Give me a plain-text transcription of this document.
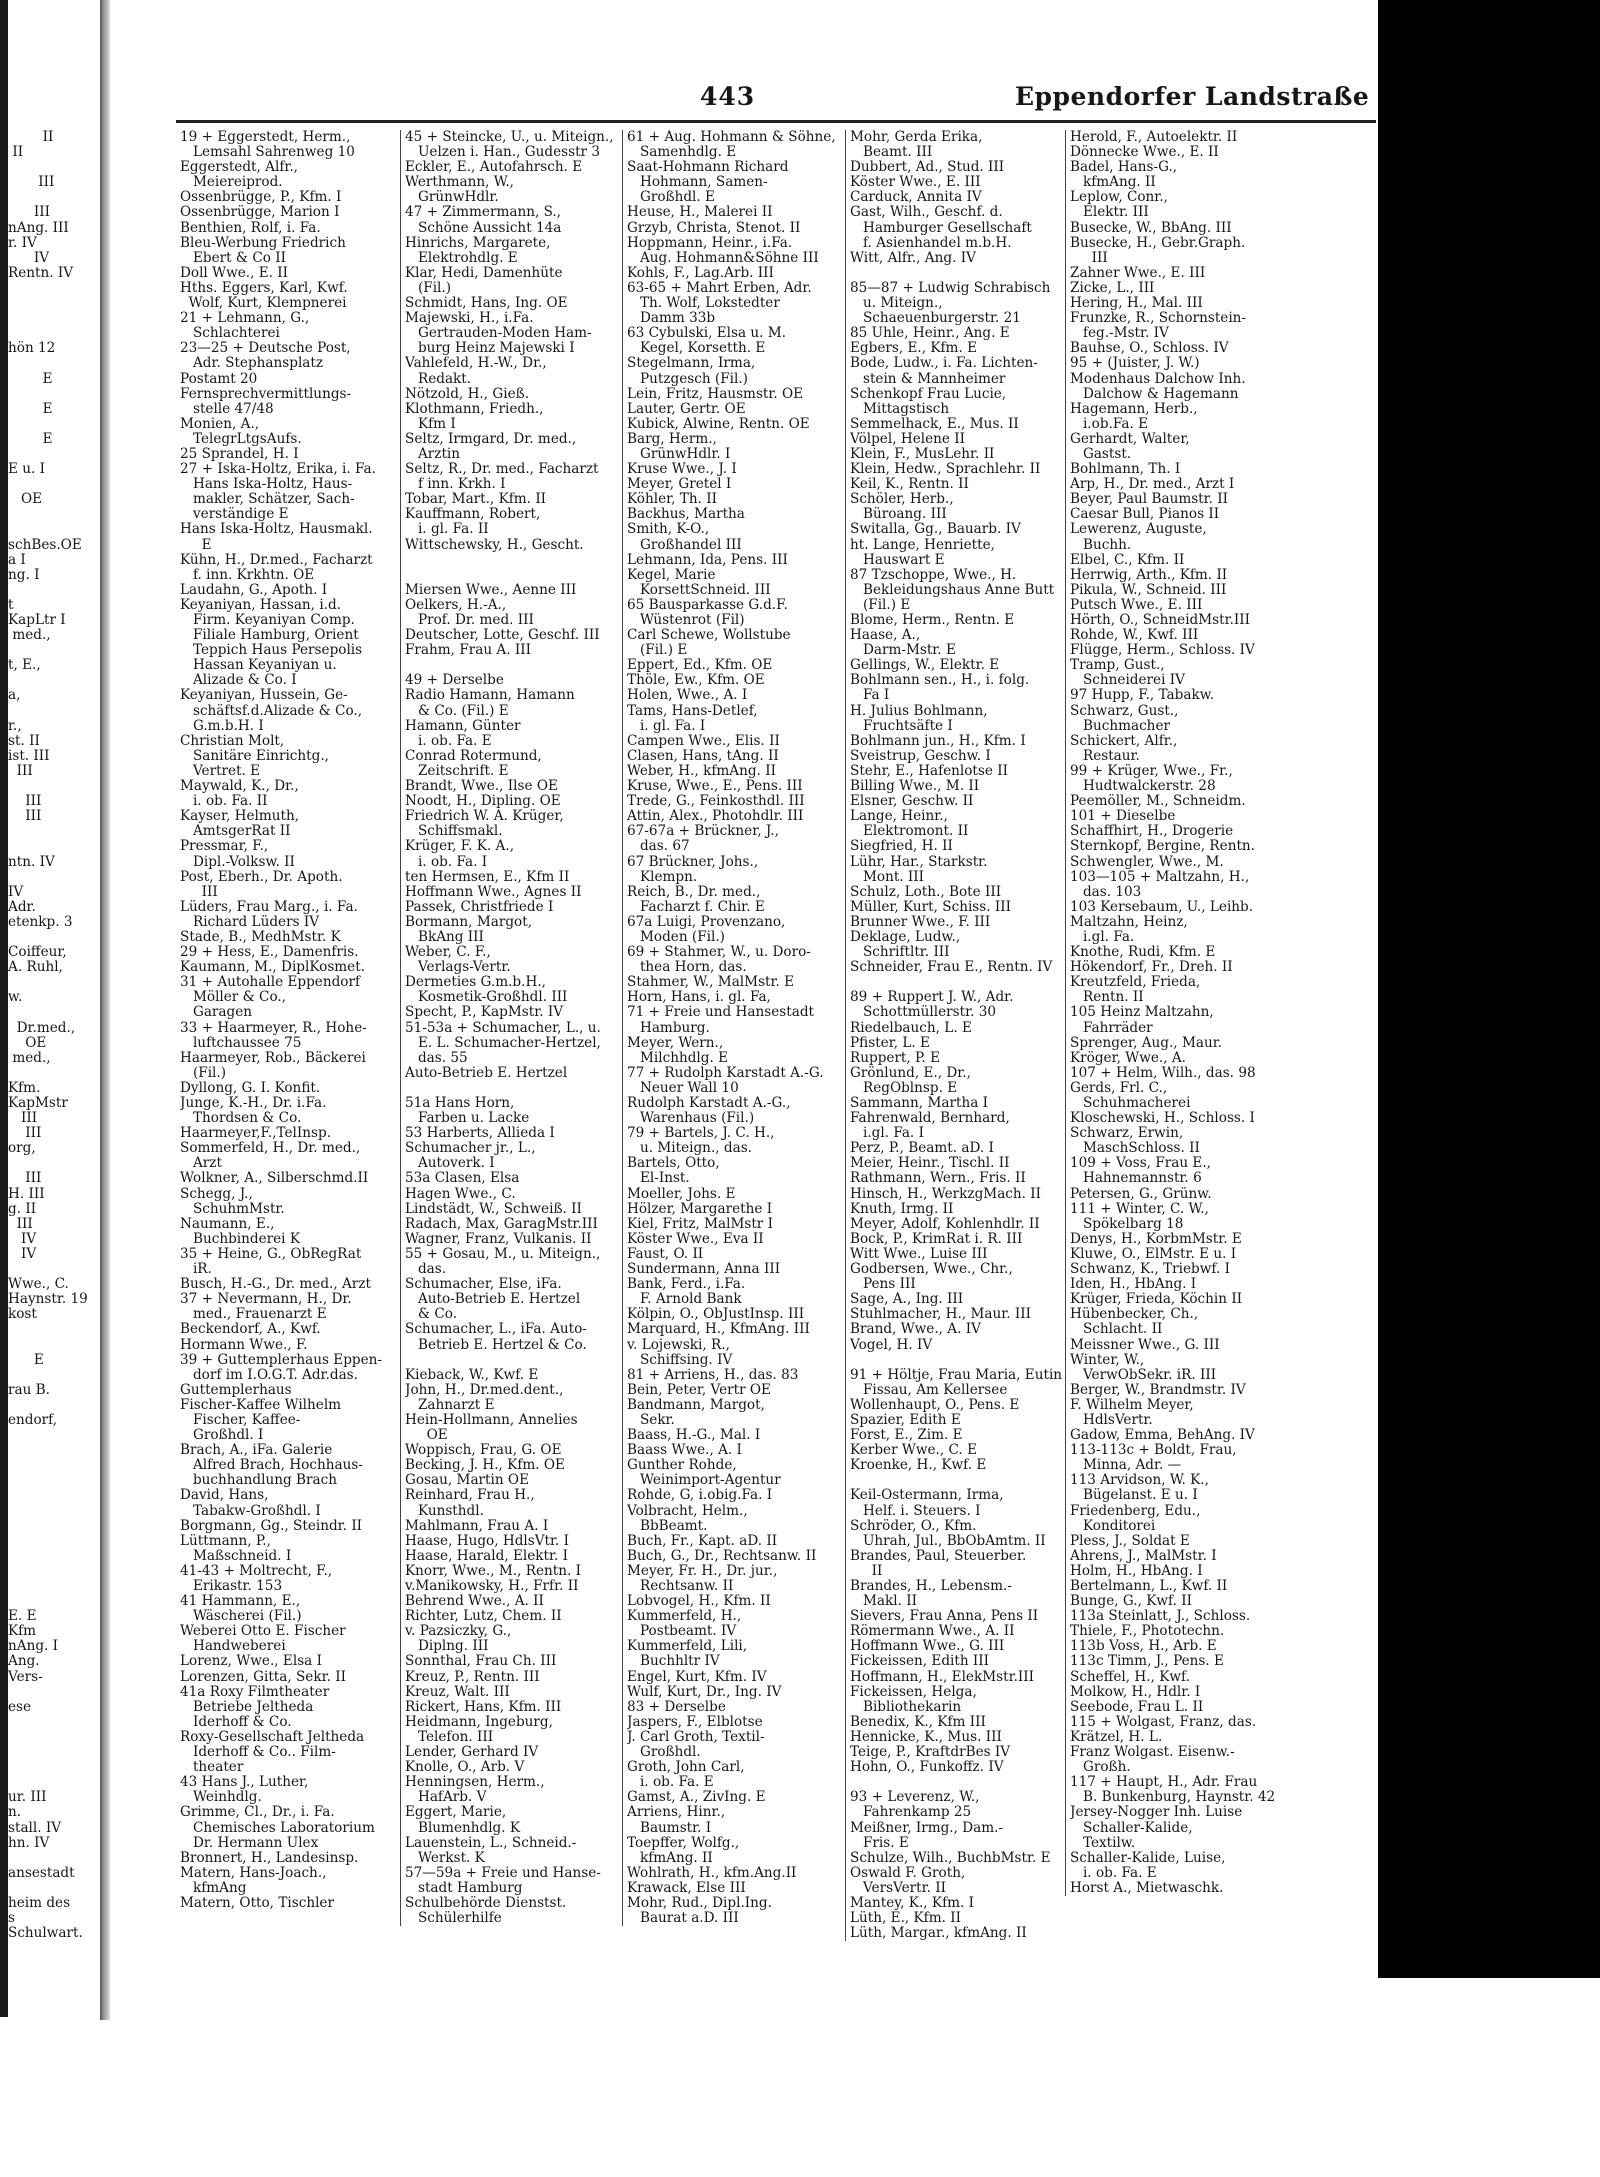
443	Eppendorfer Landstraße
II
II

III

III
nAng. III
r. IV
IV
Rentn. IV

hön 12

E

E

E

E u. I

OE

schBes.OE
a I
ng. I

t
KapLtr I
med.,

t, E.,

a,

r.,
st. II
ist. III
III

III
III

ntn. IV

IV
Adr.
etenkp. 3

Coiffeur,
A. Ruhl,

w.

Dr.med.,
OE
med.,

Kfm.
KapMstr
III
III
org,

III
H. III
g. II
III
IV
IV

Wwe., C.
Haynstr. 19
kost

E

rau B.

endorf,

E. E
Kfm
nAng. I
Ang.
Vers-

ese

ur. III
n.
stall. IV
hn. IV

ansestadt

heim des
s
Schulwart.
19 + Eggerstedt, Herm.,
Lemsahl Sahrenweg 10
Eggerstedt, Alfr.,
Meiereiprod.
Ossenbrügge, P., Kfm. I
Ossenbrügge, Marion I
Benthien, Rolf, i. Fa.
Bleu-Werbung Friedrich
Ebert & Co II
Doll Wwe., E. II
Hths. Eggers, Karl, Kwf.
Wolf, Kurt, Klempnerei
21 + Lehmann, G.,
Schlachterei
23—25 + Deutsche Post,
Adr. Stephansplatz
Postamt 20
Fernsprechvermittlungs-
stelle 47/48
Monien, A.,
TelegrLtgsAufs.
25 Sprandel, H. I
27 + Iska-Holtz, Erika, i. Fa.
Hans Iska-Holtz, Haus-
makler, Schätzer, Sach-
verständige E
Hans Iska-Holtz, Hausmakl.
E
Kühn, H., Dr.med., Facharzt
f. inn. Krkhtn. OE
Laudahn, G., Apoth. I
Keyaniyan, Hassan, i.d.
Firm. Keyaniyan Comp.
Filiale Hamburg, Orient
Teppich Haus Persepolis
Hassan Keyaniyan u.
Alizade & Co. I
Keyaniyan, Hussein, Ge-
schäftsf.d.Alizade & Co.,
G.m.b.H. I
Christian Molt,
Sanitäre Einrichtg.,
Vertret. E
Maywald, K., Dr.,
i. ob. Fa. II
Kayser, Helmuth,
AmtsgerRat II
Pressmar, F.,
Dipl.-Volksw. II
Post, Eberh., Dr. Apoth.
III
Lüders, Frau Marg., i. Fa.
Richard Lüders IV
Stade, B., MedhMstr. K
29 + Hess, E., Damenfris.
Kaumann, M., DiplKosmet.
31 + Autohalle Eppendorf
Möller & Co.,
Garagen
33 + Haarmeyer, R., Hohe-
luftchaussee 75
Haarmeyer, Rob., Bäckerei
(Fil.)
Dyllong, G. I. Konfit.
Junge, K.-H., Dr. i.Fa.
Thordsen & Co.
Haarmeyer,F.,TelInsp.
Sommerfeld, H., Dr. med.,
Arzt
Wolkner, A., Silberschmd.II
Schegg, J.,
SchuhmMstr.
Naumann, E.,
Buchbinderei K
35 + Heine, G., ObRegRat
iR.
Busch, H.-G., Dr. med., Arzt
37 + Nevermann, H., Dr.
med., Frauenarzt E
Beckendorf, A., Kwf.
Hormann Wwe., F.
39 + Guttemplerhaus Eppen-
dorf im I.O.G.T. Adr.das.
Guttemplerhaus
Fischer-Kaffee Wilhelm
Fischer, Kaffee-
Großhdl. I
Brach, A., iFa. Galerie
Alfred Brach, Hochhaus-
buchhandlung Brach
David, Hans,
Tabakw-Großhdl. I
Borgmann, Gg., Steindr. II
Lüttmann, P.,
Maßschneid. I
41-43 + Moltrecht, F.,
Erikastr. 153
41 Hammann, E.,
Wäscherei (Fil.)
Weberei Otto E. Fischer
Handweberei
Lorenz, Wwe., Elsa I
Lorenzen, Gitta, Sekr. II
41a Roxy Filmtheater
Betriebe Jeltheda
Iderhoff & Co.
Roxy-Gesellschaft Jeltheda
Iderhoff & Co.. Film-
theater
43 Hans J., Luther,
Weinhdlg.
Grimme, Cl., Dr., i. Fa.
Chemisches Laboratorium
Dr. Hermann Ulex
Bronnert, H., Landesinsp.
Matern, Hans-Joach.,
kfmAng
Matern, Otto, Tischler
45 + Steincke, U., u. Miteign.,
Uelzen i. Han., Gudesstr 3
Eckler, E., Autofahrsch. E
Werthmann, W.,
GrünwHdlr.
47 + Zimmermann, S.,
Schöne Aussicht 14a
Hinrichs, Margarete,
Elektrohdlg. E
Klar, Hedi, Damenhüte
(Fil.)
Schmidt, Hans, Ing. OE
Majewski, H., i.Fa.
Gertrauden-Moden Ham-
burg Heinz Majewski I
Vahlefeld, H.-W., Dr.,
Redakt.
Nötzold, H., Gieß.
Klothmann, Friedh.,
Kfm I
Seltz, Irmgard, Dr. med.,
Ärztin
Seltz, R., Dr. med., Facharzt
f inn. Krkh. I
Tobar, Mart., Kfm. II
Kauffmann, Robert,
i. gl. Fa. II
Wittschewsky, H., Gescht.

Miersen Wwe., Aenne III
Oelkers, H.-A.,
Prof. Dr. med. III
Deutscher, Lotte, Geschf. III
Frahm, Frau A. III

49 + Derselbe
Radio Hamann, Hamann
& Co. (Fil.) E
Hamann, Günter
i. ob. Fa. E
Conrad Rotermund,
Zeitschrift. E
Brandt, Wwe., Ilse OE
Noodt, H., Dipling. OE
Friedrich W. A. Krüger,
Schiffsmakl.
Krüger, F. K. A.,
i. ob. Fa. I
ten Hermsen, E., Kfm II
Hoffmann Wwe., Agnes II
Passek, Christfriede I
Bormann, Margot,
BkAng III
Weber, C. F.,
Verlags-Vertr.
Dermeties G.m.b.H.,
Kosmetik-Großhdl. III
Specht, P., KapMstr. IV
51-53a + Schumacher, L., u.
E. L. Schumacher-Hertzel,
das. 55
Auto-Betrieb E. Hertzel

51a Hans Horn,
Farben u. Lacke
53 Harberts, Allieda I
Schumacher jr., L.,
Autoverk. I
53a Clasen, Elsa
Hagen Wwe., C.
Lindstädt, W., Schweiß. II
Radach, Max, GaragMstr.III
Wagner, Franz, Vulkanis. II
55 + Gosau, M., u. Miteign.,
das.
Schumacher, Else, iFa.
Auto-Betrieb E. Hertzel
& Co.
Schumacher, L., iFa. Auto-
Betrieb E. Hertzel & Co.

Kieback, W., Kwf. E
John, H., Dr.med.dent.,
Zahnarzt E
Hein-Hollmann, Annelies
OE
Woppisch, Frau, G. OE
Becking, J. H., Kfm. OE
Gosau, Martin OE
Reinhard, Frau H.,
Kunsthdl.
Mahlmann, Frau A. I
Haase, Hugo, HdlsVtr. I
Haase, Harald, Elektr. I
Knorr, Wwe., M., Rentn. I
v.Manikowsky, H., Frfr. II
Behrend Wwe., A. II
Richter, Lutz, Chem. II
v. Pazsiczky, G.,
Diplng. III
Sonnthal, Frau Ch. III
Kreuz, P., Rentn. III
Kreuz, Walt. III
Rickert, Hans, Kfm. III
Heidmann, Ingeburg,
Telefon. III
Lender, Gerhard IV
Knolle, O., Arb. V
Henningsen, Herm.,
HafArb. V
Eggert, Marie,
Blumenhdlg. K
Lauenstein, L., Schneid.-
Werkst. K
57—59a + Freie und Hanse-
stadt Hamburg
Schulbehörde Dienstst.
Schülerhilfe
61 + Aug. Hohmann & Söhne,
Samenhdlg. E
Saat-Hohmann Richard
Hohmann, Samen-
Großhdl. E
Heuse, H., Malerei II
Grzyb, Christa, Stenot. II
Hoppmann, Heinr., i.Fa.
Aug. Hohmann&Söhne III
Kohls, F., Lag.Arb. III
63-65 + Mahrt Erben, Adr.
Th. Wolf, Lokstedter
Damm 33b
63 Cybulski, Elsa u. M.
Kegel, Korsetth. E
Stegelmann, Irma,
Putzgesch (Fil.)
Lein, Fritz, Hausmstr. OE
Lauter, Gertr. OE
Kubick, Alwine, Rentn. OE
Barg, Herm.,
GrünwHdlr. I
Kruse Wwe., J. I
Meyer, Gretel I
Köhler, Th. II
Backhus, Martha
Smith, K-O.,
Großhandel III
Lehmann, Ida, Pens. III
Kegel, Marie
KorsettSchneid. III
65 Bausparkasse G.d.F.
Wüstenrot (Fil)
Carl Schewe, Wollstube
(Fil.) E
Eppert, Ed., Kfm. OE
Thöle, Ew., Kfm. OE
Holen, Wwe., A. I
Tams, Hans-Detlef,
i. gl. Fa. I
Campen Wwe., Elis. II
Clasen, Hans, tAng. II
Weber, H., kfmAng. II
Kruse, Wwe., E., Pens. III
Trede, G., Feinkosthdl. III
Attin, Alex., Photohdlr. III
67-67a + Brückner, J.,
das. 67
67 Brückner, Johs.,
Klempn.
Reich, B., Dr. med.,
Facharzt f. Chir. E
67a Luigi, Provenzano,
Moden (Fil.)
69 + Stahmer, W., u. Doro-
thea Horn, das.
Stahmer, W., MalMstr. E
Horn, Hans, i. gl. Fa,
71 + Freie und Hansestadt
Hamburg.
Meyer, Wern.,
Milchhdlg. E
77 + Rudolph Karstadt A.-G.
Neuer Wall 10
Rudolph Karstadt A.-G.,
Warenhaus (Fil.)
79 + Bartels, J. C. H.,
u. Miteign., das.
Bartels, Otto,
El-Inst.
Moeller, Johs. E
Hölzer, Margarethe I
Kiel, Fritz, MalMstr I
Köster Wwe., Eva II
Faust, O. II
Sundermann, Anna III
Bank, Ferd., i.Fa.
F. Arnold Bank
Kölpin, O., ObJustInsp. III
Marquard, H., KfmAng. III
v. Lojewski, R.,
Schiffsing. IV
81 + Arriens, H., das. 83
Bein, Peter, Vertr OE
Bandmann, Margot,
Sekr.
Baass, H.-G., Mal. I
Baass Wwe., A. I
Gunther Rohde,
Weinimport-Agentur
Rohde, G, i.obig.Fa. I
Volbracht, Helm.,
BbBeamt.
Buch, Fr., Kapt. aD. II
Buch, G., Dr., Rechtsanw. II
Meyer, Fr. H., Dr. jur.,
Rechtsanw. II
Lobvogel, H., Kfm. II
Kummerfeld, H.,
Postbeamt. IV
Kummerfeld, Lili,
Buchhltr IV
Engel, Kurt, Kfm. IV
Wulf, Kurt, Dr., Ing. IV
83 + Derselbe
Jaspers, F., Elblotse
J. Carl Groth, Textil-
Großhdl.
Groth, John Carl,
i. ob. Fa. E
Gamst, A., ZivIng. E
Arriens, Hinr.,
Baumstr. I
Toepffer, Wolfg.,
kfmAng. II
Wohlrath, H., kfm.Ang.II
Krawack, Else III
Mohr, Rud., Dipl.Ing.
Baurat a.D. III
Mohr, Gerda Erika,
Beamt. III
Dubbert, Ad., Stud. III
Köster Wwe., E. III
Carduck, Annita IV
Gast, Wilh., Geschf. d.
Hamburger Gesellschaft
f. Asienhandel m.b.H.
Witt, Alfr., Ang. IV

85—87 + Ludwig Schrabisch
u. Miteign.,
Schaeuenburgerstr. 21
85 Uhle, Heinr., Ang. E
Egbers, E., Kfm. E
Bode, Ludw., i. Fa. Lichten-
stein & Mannheimer
Schenkopf Frau Lucie,
Mittagstisch
Semmelhack, E., Mus. II
Völpel, Helene II
Klein, F., MusLehr. II
Klein, Hedw., Sprachlehr. II
Keil, K., Rentn. II
Schöler, Herb.,
Büroang. III
Switalla, Gg., Bauarb. IV
ht. Lange, Henriette,
Hauswart E
87 Tzschoppe, Wwe., H.
Bekleidungshaus Anne Butt
(Fil.) E
Blome, Herm., Rentn. E
Haase, A.,
Darm-Mstr. E
Gellings, W., Elektr. E
Bohlmann sen., H., i. folg.
Fa I
H. Julius Bohlmann,
Fruchtsäfte I
Bohlmann jun., H., Kfm. I
Sveistrup, Geschw. I
Stehr, E., Hafenlotse II
Billing Wwe., M. II
Elsner, Geschw. II
Lange, Heinr.,
Elektromont. II
Siegfried, H. II
Lühr, Har., Starkstr.
Mont. III
Schulz, Loth., Bote III
Müller, Kurt, Schiss. III
Brunner Wwe., F. III
Deklage, Ludw.,
Schriftltr. III
Schneider, Frau E., Rentn. IV

89 + Ruppert J. W., Adr.
Schottmüllerstr. 30
Riedelbauch, L. E
Pfister, L. E
Ruppert, P. E
Grönlund, E., Dr.,
RegOblnsp. E
Sammann, Martha I
Fahrenwald, Bernhard,
i.gl. Fa. I
Perz, P., Beamt. aD. I
Meier, Heinr., Tischl. II
Rathmann, Wern., Fris. II
Hinsch, H., WerkzgMach. II
Knuth, Irmg. II
Meyer, Adolf, Kohlenhdlr. II
Bock, P., KrimRat i. R. III
Witt Wwe., Luise III
Godbersen, Wwe., Chr.,
Pens III
Sage, A., Ing. III
Stuhlmacher, H., Maur. III
Brand, Wwe., A. IV
Vogel, H. IV

91 + Höltje, Frau Maria, Eutin
Fissau, Am Kellersee
Wollenhaupt, O., Pens. E
Spazier, Edith E
Forst, E., Zim. E
Kerber Wwe., C. E
Kroenke, H., Kwf. E

Keil-Ostermann, Irma,
Helf. i. Steuers. I
Schröder, O., Kfm.
Uhrah, Jul., BbObAmtm. II
Brandes, Paul, Steuerber.
II
Brandes, H., Lebensm.-
Makl. II
Sievers, Frau Anna, Pens II
Römermann Wwe., A. II
Hoffmann Wwe., G. III
Fickeissen, Edith III
Hoffmann, H., ElekMstr.III
Fickeissen, Helga,
Bibliothekarin
Benedix, K., Kfm III
Hennicke, K., Mus. III
Teige, P., KraftdrBes IV
Hohn, O., Funkoffz. IV

93 + Leverenz, W.,
Fahrenkamp 25
Meißner, Irmg., Dam.-
Fris. E
Schulze, Wilh., BuchbMstr. E
Oswald F. Groth,
VersVertr. II
Mantey, K., Kfm. I
Lüth, E., Kfm. II
Lüth, Margar., kfmAng. II
Herold, F., Autoelektr. II
Dönnecke Wwe., E. II
Badel, Hans-G.,
kfmAng. II
Leplow, Conr.,
Elektr. III
Busecke, W., BbAng. III
Busecke, H., Gebr.Graph.
III
Zahner Wwe., E. III
Zicke, L., III
Hering, H., Mal. III
Frunzke, R., Schornstein-
feg.-Mstr. IV
Bauhse, O., Schloss. IV
95 + (Juister, J. W.)
Modenhaus Dalchow Inh.
Dalchow & Hagemann
Hagemann, Herb.,
i.ob.Fa. E
Gerhardt, Walter,
Gastst.
Bohlmann, Th. I
Arp, H., Dr. med., Arzt I
Beyer, Paul Baumstr. II
Caesar Bull, Pianos II
Lewerenz, Auguste,
Buchh.
Elbel, C., Kfm. II
Herrwig, Arth., Kfm. II
Pikula, W., Schneid. III
Putsch Wwe., E. III
Hörth, O., SchneidMstr.III
Rohde, W., Kwf. III
Flügge, Herm., Schloss. IV
Tramp, Gust.,
Schneiderei IV
97 Hupp, F., Tabakw.
Schwarz, Gust.,
Buchmacher
Schickert, Alfr.,
Restaur.
99 + Krüger, Wwe., Fr.,
Hudtwalckerstr. 28
Peemöller, M., Schneidm.
101 + Dieselbe
Schaffhirt, H., Drogerie
Sternkopf, Bergine, Rentn.
Schwengler, Wwe., M.
103—105 + Maltzahn, H.,
das. 103
103 Kersebaum, U., Leihb.
Maltzahn, Heinz,
i.gl. Fa.
Knothe, Rudi, Kfm. E
Hökendorf, Fr., Dreh. II
Kreutzfeld, Frieda,
Rentn. II
105 Heinz Maltzahn,
Fahrräder
Sprenger, Aug., Maur.
Kröger, Wwe., A.
107 + Helm, Wilh., das. 98
Gerds, Frl. C.,
Schuhmacherei
Kloschewski, H., Schloss. I
Schwarz, Erwin,
MaschSchloss. II
109 + Voss, Frau E.,
Hahnemannstr. 6
Petersen, G., Grünw.
111 + Winter, C. W.,
Spökelbarg 18
Denys, H., KorbmMstr. E
Kluwe, O., ElMstr. E u. I
Schwanz, K., Triebwf. I
Iden, H., HbAng. I
Krüger, Frieda, Köchin II
Hübenbecker, Ch.,
Schlacht. II
Meissner Wwe., G. III
Winter, W.,
VerwObSekr. iR. III
Berger, W., Brandmstr. IV
F. Wilhelm Meyer,
HdlsVertr.
Gadow, Emma, BehAng. IV
113-113c + Boldt, Frau,
Minna, Adr. —
113 Arvidson, W. K.,
Bügelanst. E u. I
Friedenberg, Edu.,
Konditorei
Pless, J., Soldat E
Ahrens, J., MalMstr. I
Holm, H., HbAng. I
Bertelmann, L., Kwf. II
Bunge, G., Kwf. II
113a Steinlatt, J., Schloss.
Thiele, F., Phototechn.
113b Voss, H., Arb. E
113c Timm, J., Pens. E
Scheffel, H., Kwf.
Molkow, H., Hdlr. I
Seebode, Frau L. II
115 + Wolgast, Franz, das.
Krätzel, H. L.
Franz Wolgast. Eisenw.-
Großh.
117 + Haupt, H., Adr. Frau
B. Bunkenburg, Haynstr. 42
Jersey-Nogger Inh. Luise
Schaller-Kalide,
Textilw.
Schaller-Kalide, Luise,
i. ob. Fa. E
Horst A., Mietwaschk.
